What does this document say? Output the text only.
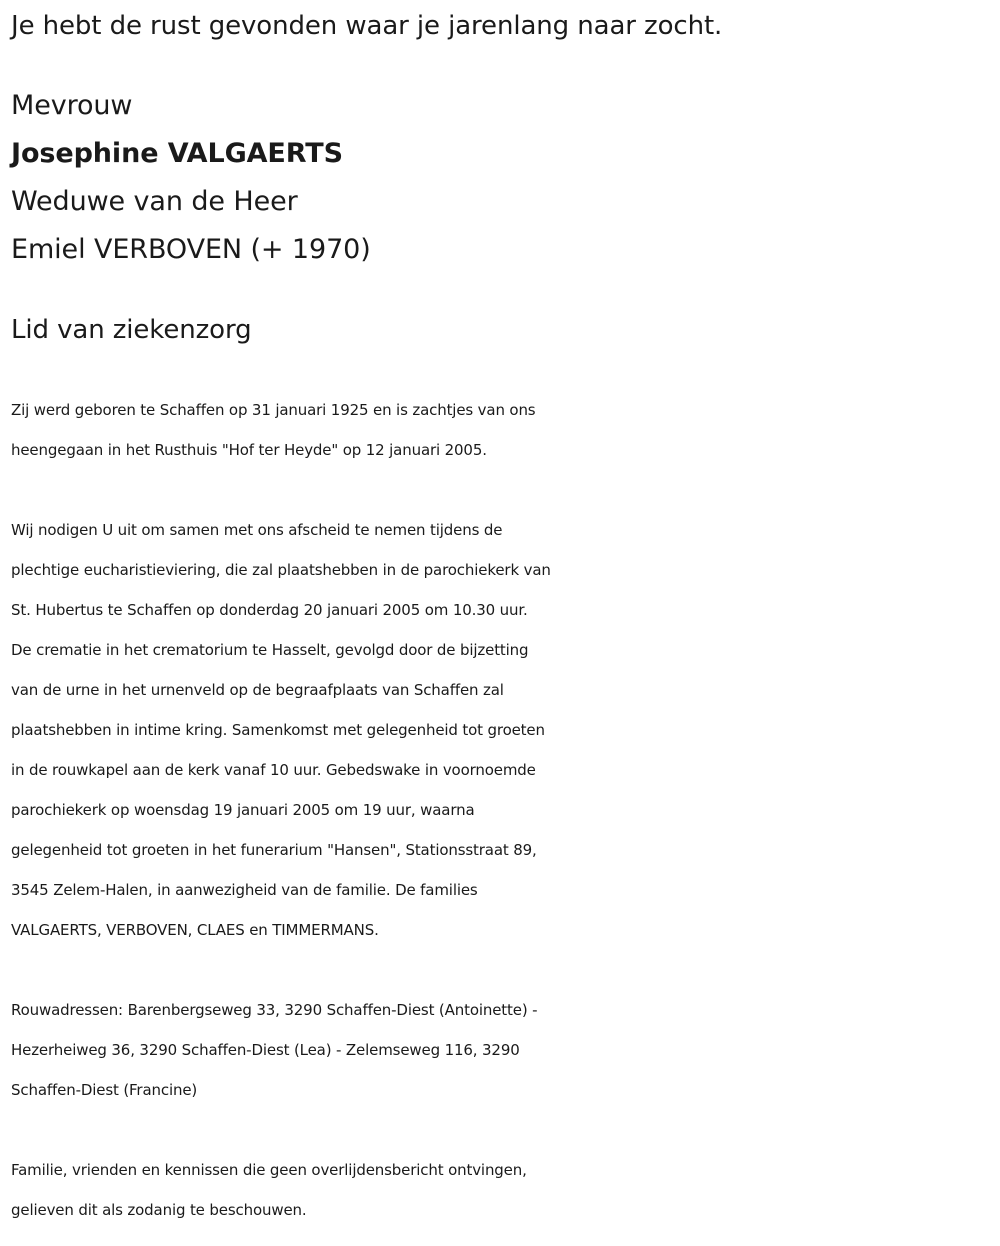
Je hebt de rust gevonden waar je jarenlang naar zocht.
Mevrouw
Josephine VALGAERTS
Weduwe van de Heer
Emiel VERBOVEN (+ 1970)
Lid van ziekenzorg
Zij werd geboren te Schaffen op 31 januari 1925 en is zachtjes van ons
heengegaan in het Rusthuis "Hof ter Heyde" op 12 januari 2005.
Wij nodigen U uit om samen met ons afscheid te nemen tijdens de
plechtige eucharistieviering, die zal plaatshebben in de parochiekerk van
St. Hubertus te Schaffen op donderdag 20 januari 2005 om 10.30 uur.
De crematie in het crematorium te Hasselt, gevolgd door de bijzetting
van de urne in het urnenveld op de begraafplaats van Schaffen zal
plaatshebben in intime kring. Samenkomst met gelegenheid tot groeten
in de rouwkapel aan de kerk vanaf 10 uur. Gebedswake in voornoemde
parochiekerk op woensdag 19 januari 2005 om 19 uur, waarna
gelegenheid tot groeten in het funerarium "Hansen", Stationsstraat 89,
3545 Zelem-Halen, in aanwezigheid van de familie. De families
VALGAERTS, VERBOVEN, CLAES en TIMMERMANS.
Rouwadressen: Barenbergseweg 33, 3290 Schaffen-Diest (Antoinette) -
Hezerheiweg 36, 3290 Schaffen-Diest (Lea) - Zelemseweg 116, 3290
Schaffen-Diest (Francine)
Familie, vrienden en kennissen die geen overlijdensbericht ontvingen,
gelieven dit als zodanig te beschouwen.
